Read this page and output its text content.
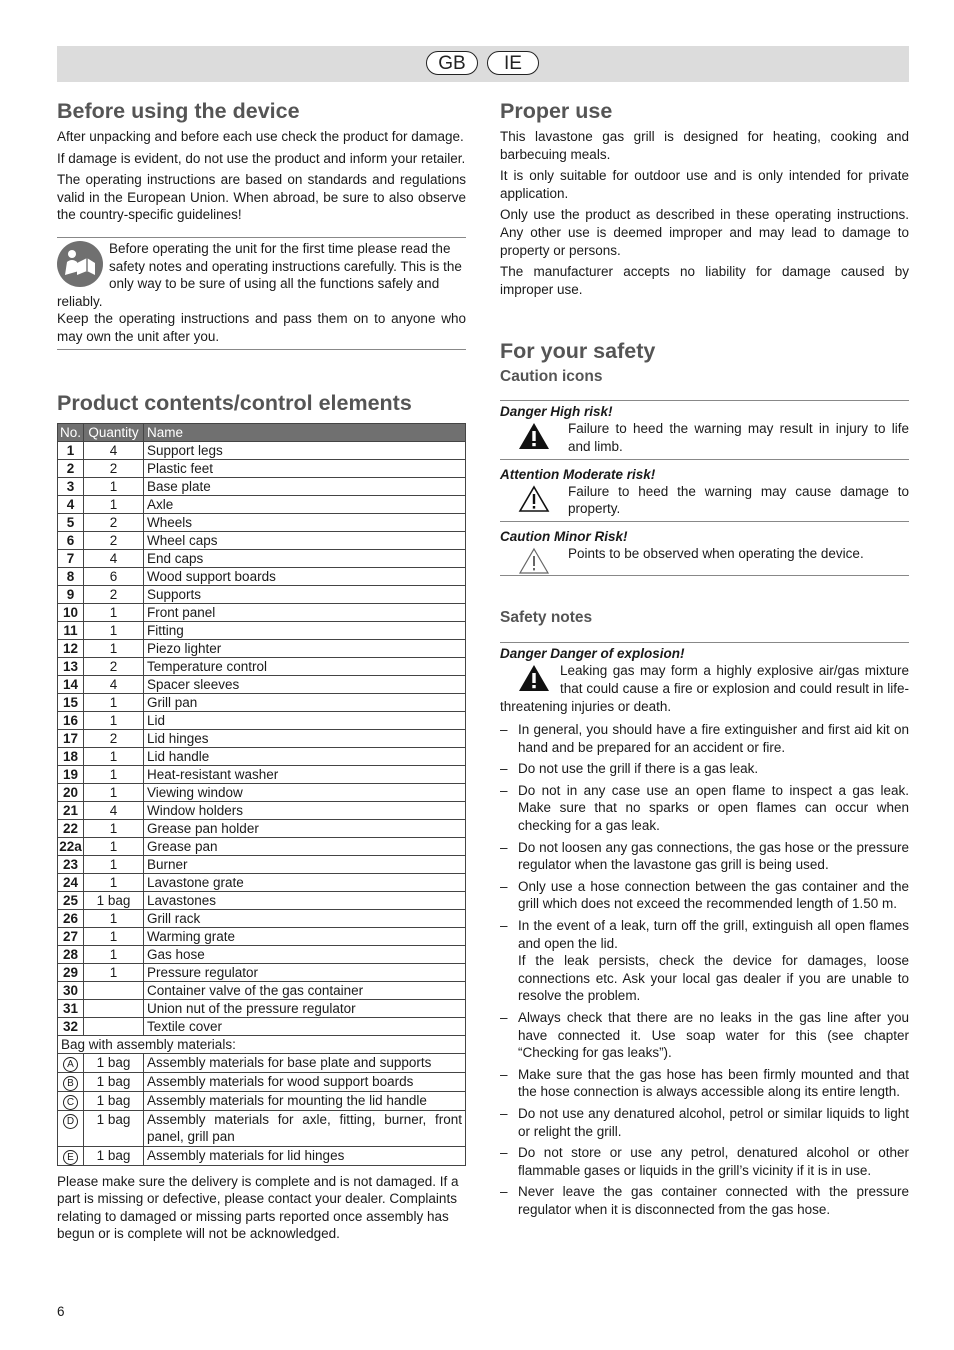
GB	IE
Before using the device

After unpacking and before each use check the product for damage.

If damage is evident, do not use the product and inform your retailer.

The operating instructions are based on standards and regulations valid in the European Union. When abroad, be sure to also observe the country-specific guidelines!

Before operating the unit for the first time please read the safety notes and operating instructions carefully. This is the only way to be sure of using all the functions safely and reliably.

Keep the operating instructions and pass them on to anyone who may own the unit after you.

Product contents/control elements
No.	Quantity	Name
1	4	Support legs
2	2	Plastic feet
3	1	Base plate
4	1	Axle
5	2	Wheels
6	2	Wheel caps
7	4	End caps
8	6	Wood support boards
9	2	Supports
10	1	Front panel
11	1	Fitting
12	1	Piezo lighter
13	2	Temperature control
14	4	Spacer sleeves
15	1	Grill pan
16	1	Lid
17	2	Lid hinges
18	1	Lid handle
19	1	Heat-resistant washer
20	1	Viewing window
21	4	Window holders
22	1	Grease pan holder
22a	1	Grease pan
23	1	Burner
24	1	Lavastone grate
25	1 bag	Lavastones
26	1	Grill rack
27	1	Warming grate
28	1	Gas hose
29	1	Pressure regulator
30		Container valve of the gas container
31		Union nut of the pressure regulator
32		Textile cover
Bag with assembly materials:		
A	1 bag	Assembly materials for base plate and supports
B	1 bag	Assembly materials for wood support boards
C	1 bag	Assembly materials for mounting the lid handle
D	1 bag	Assembly materials for axle, fitting, burner, front panel, grill pan
E	1 bag	Assembly materials for lid hinges

Please make sure the delivery is complete and is not damaged. If a part is missing or defective, please contact your dealer. Complaints relating to damaged or missing parts reported once assembly has begun or is complete will not be acknowledged.

Proper use

This lavastone gas grill is designed for heating, cooking and barbecuing meals.

It is only suitable for outdoor use and is only intended for private application.

Only use the product as described in these operating instructions. Any other use is deemed improper and may lead to damage to property or persons.

The manufacturer accepts no liability for damage caused by improper use.

For your safety
Caution icons
Danger High risk!

Failure to heed the warning may result in injury to life and limb.

Attention Moderate risk!

Failure to heed the warning may cause damage to property.

Caution Minor Risk!

Points to be observed when operating the device.

Safety notes
Danger Danger of explosion!

Leaking gas may form a highly explosive air/gas mixture that could cause a fire or explosion and could result in life-threatening injuries or death.

– In general, you should have a fire extinguisher and first aid kit on hand and be prepared for an accident or fire.
– Do not use the grill if there is a gas leak.
– Do not in any case use an open flame to inspect a gas leak. Make sure that no sparks or open flames can occur when checking for a gas leak.
– Do not loosen any gas connections, the gas hose or the pressure regulator when the lavastone gas grill is being used.
– Only use a hose connection between the gas container and the grill which does not exceed the recommended length of 1.50 m.
– In the event of a leak, turn off the grill, extinguish all open flames and open the lid.
If the leak persists, check the device for damages, loose connections etc. Ask your local gas dealer if you are unable to resolve the problem.
– Always check that there are no leaks in the gas line after you have connected it. Use soap water for this (see chapter “Checking for gas leaks”).
– Make sure that the gas hose has been firmly mounted and that the hose connection is always accessible along its entire length.
– Do not use any denatured alcohol, petrol or similar liquids to light or relight the grill.
– Do not store or use any petrol, denatured alcohol or other flammable gases or liquids in the grill’s vicinity if it is in use.
– Never leave the gas container connected with the pressure regulator when it is disconnected from the gas hose.
6
